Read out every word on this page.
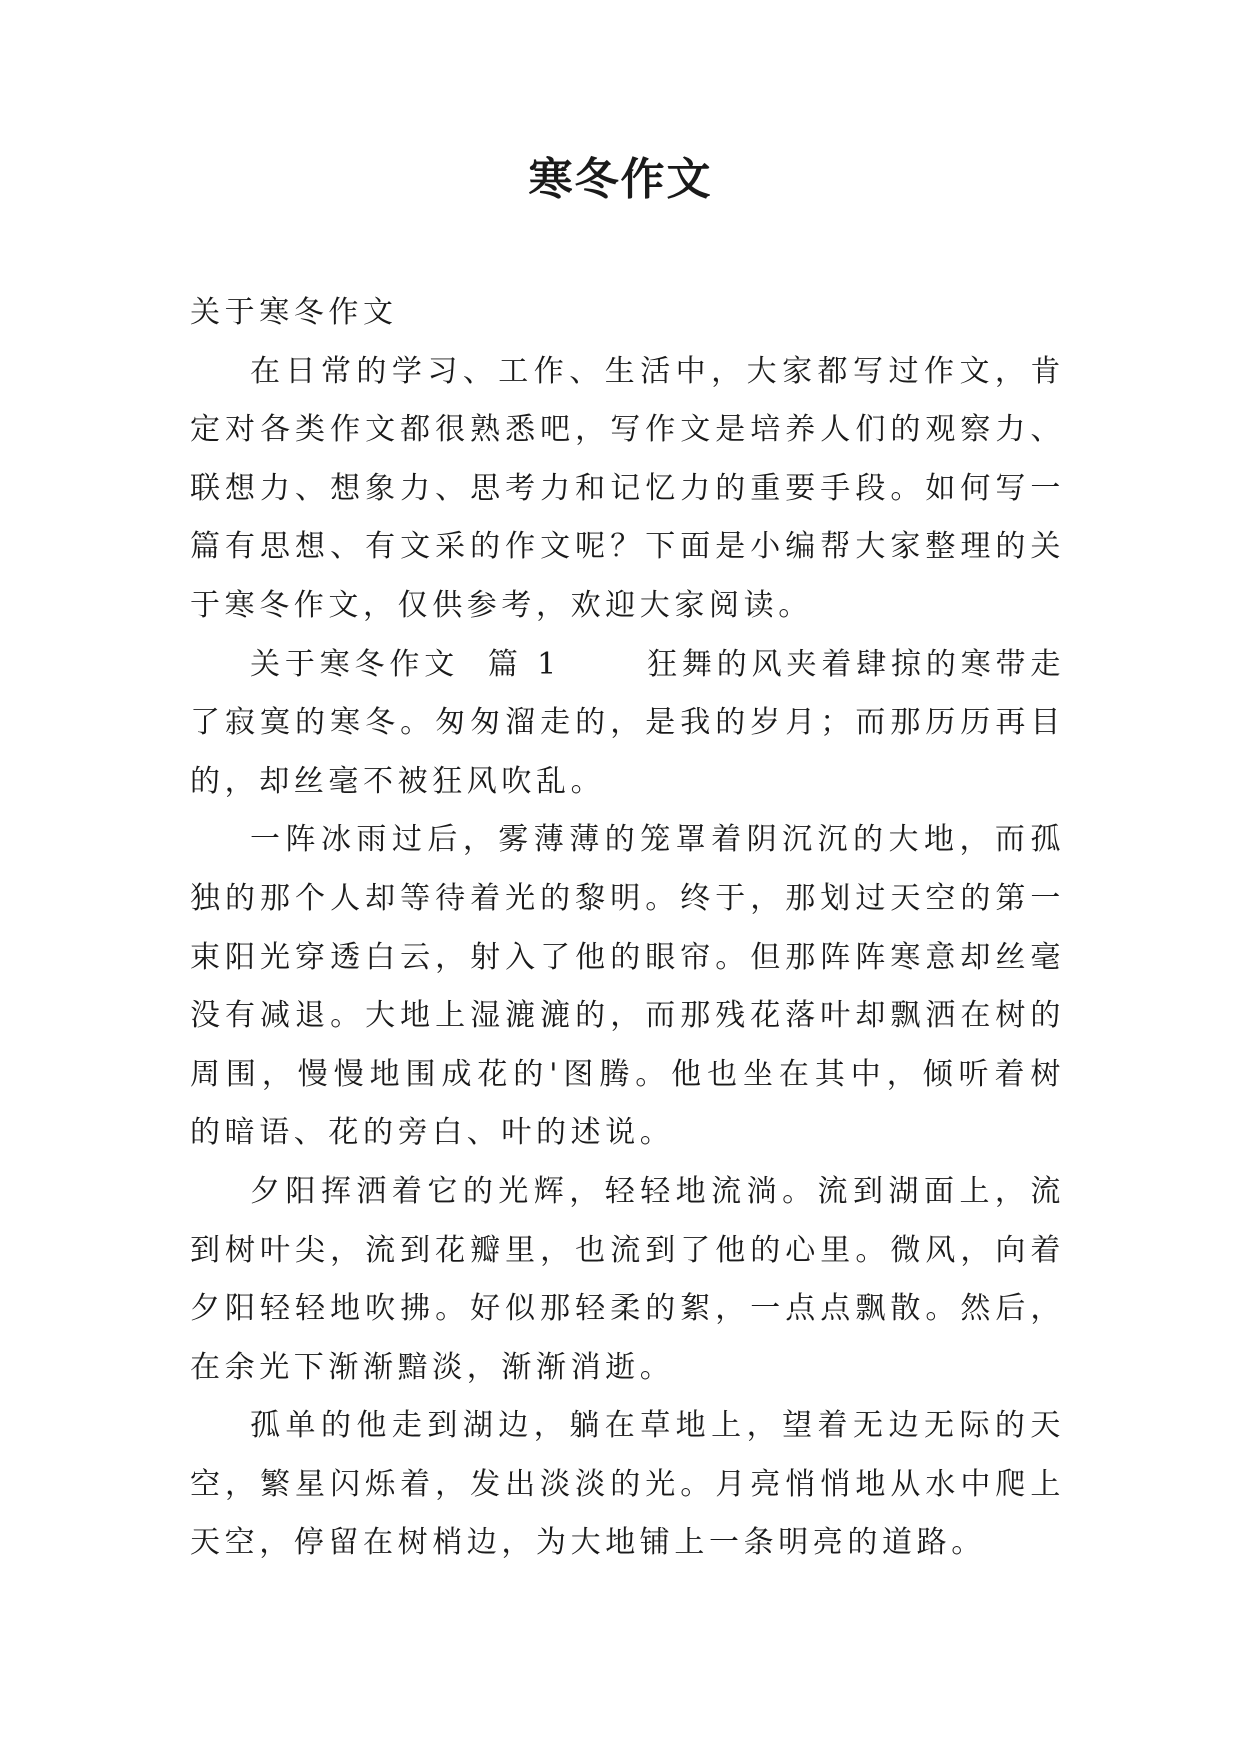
寒冬作文

关于寒冬作文

在日常的学习、工作、生活中，大家都写过作文，肯定对各类作文都很熟悉吧，写作文是培养人们的观察力、联想力、想象力、思考力和记忆力的重要手段。如何写一篇有思想、有文采的作文呢？下面是小编帮大家整理的关于寒冬作文，仅供参考，欢迎大家阅读。

关于寒冬作文  篇 1      狂舞的风夹着肆掠的寒带走了寂寞的寒冬。匆匆溜走的，是我的岁月；而那历历再目的，却丝毫不被狂风吹乱。

一阵冰雨过后，雾薄薄的笼罩着阴沉沉的大地，而孤独的那个人却等待着光的黎明。终于，那划过天空的第一束阳光穿透白云，射入了他的眼帘。但那阵阵寒意却丝毫没有减退。大地上湿漉漉的，而那残花落叶却飘洒在树的周围，慢慢地围成花的'图腾。他也坐在其中，倾听着树的暗语、花的旁白、叶的述说。

夕阳挥洒着它的光辉，轻轻地流淌。流到湖面上，流到树叶尖，流到花瓣里，也流到了他的心里。微风，向着夕阳轻轻地吹拂。好似那轻柔的絮，一点点飘散。然后，在余光下渐渐黯淡，渐渐消逝。

孤单的他走到湖边，躺在草地上，望着无边无际的天空，繁星闪烁着，发出淡淡的光。月亮悄悄地从水中爬上天空，停留在树梢边，为大地铺上一条明亮的道路。
